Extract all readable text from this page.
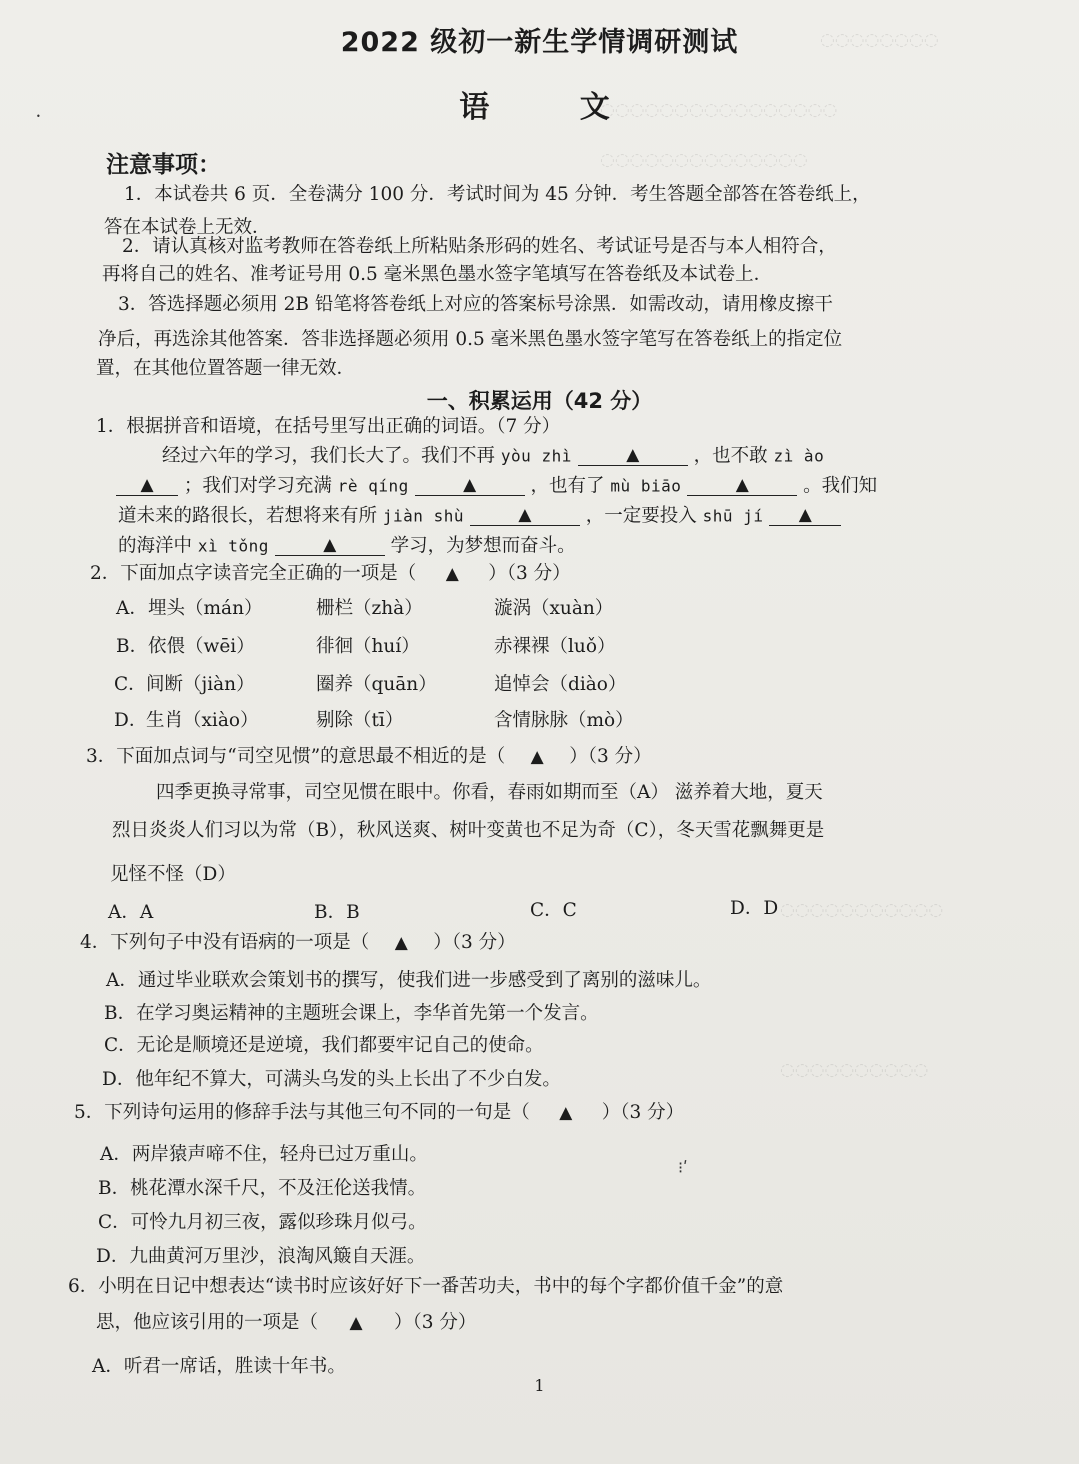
◌◌◌◌◌◌◌◌
◌◌◌◌◌◌◌◌◌◌◌◌◌◌◌◌
◌◌◌◌◌◌◌◌◌◌◌◌◌◌
◌◌◌◌◌◌◌◌◌◌◌
◌◌◌◌◌◌◌◌◌◌
2022 级初一新生学情调研测试
语 文
注意事项：
1．本试卷共 6 页．全卷满分 100 分．考试时间为 45 分钟．考生答题全部答在答卷纸上，
答在本试卷上无效．
2．请认真核对监考教师在答卷纸上所粘贴条形码的姓名、考试证号是否与本人相符合，
再将自己的姓名、准考证号用 0.5 毫米黑色墨水签字笔填写在答卷纸及本试卷上．
3．答选择题必须用 2B 铅笔将答卷纸上对应的答案标号涂黑．如需改动，请用橡皮擦干
净后，再选涂其他答案．答非选择题必须用 0.5 毫米黑色墨水签字笔写在答卷纸上的指定位
置，在其他位置答题一律无效．
一、积累运用（42 分）
1．根据拼音和语境，在括号里写出正确的词语。（7 分）
经过六年的学习，我们长大了。我们不再 yòu zhì	▲	，也不敢 zì ào
▲ ；我们对学习充满 rè qíng	▲	，也有了 mù biāo	▲	。我们知
道未来的路很长，若想将来有所 jiàn shù	▲	，一定要投入 shū jí ▲
的海洋中 xì tǒng	▲	学习，为梦想而奋斗。
2．下面加点字读音完全正确的一项是（ ▲ ）（3 分）
A． 埋头（mán）	栅栏（zhà）	漩涡（xuàn）
B． 依偎（wēi）	徘徊（huí）	赤裸裸（luǒ）
C． 间断（jiàn）	圈养（quān）	追悼会（diào）
D．
生肖（xiào）	剔除（tī）	含情脉脉（mò）
3．下面加点词与“司空见惯”的意思最不相近的是（ ▲ ）（3 分）
四季更换寻常事，司空见惯在眼中。你看，春雨如期而至（A） 滋养着大地，夏天
烈日炎炎人们习以为常（B），秋风送爽、树叶变黄也不足为奇（C），冬天雪花飘舞更是
见怪不怪（D）
A．A	B．B	C．C	D．D
4．下列句子中没有语病的一项是（ ▲ ）（3 分）
A．通过毕业联欢会策划书的撰写，使我们进一步感受到了离别的滋味儿。
B．在学习奥运精神的主题班会课上，李华首先第一个发言。
C．无论是顺境还是逆境，我们都要牢记自己的使命。
D．他年纪不算大，可满头乌发的头上长出了不少白发。
5．下列诗句运用的修辞手法与其他三句不同的一句是（ ▲ ）（3 分）
A．两岸猿声啼不住，轻舟已过万重山。
B．桃花潭水深千尺，不及汪伦送我情。
C．可怜九月初三夜，露似珍珠月似弓。
D．九曲黄河万里沙，浪淘风簸自天涯。
6．小明在日记中想表达“读书时应该好好下一番苦功夫，书中的每个字都价值千金”的意
思，他应该引用的一项是（ ▲ ）（3 分）
A．听君一席话，胜读十年书。
⁝ʹ
•
1
